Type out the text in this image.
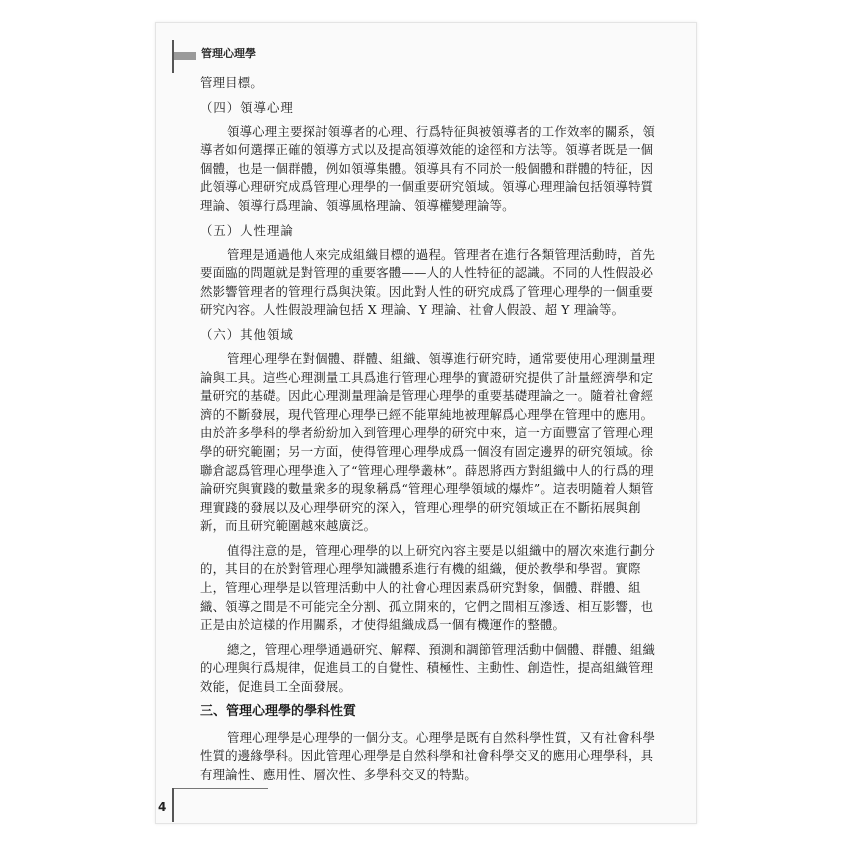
管理心理學

管理目標。

（四）領導心理

領導心理主要探討領導者的心理、行爲特征與被領導者的工作效率的關系，領導者如何選擇正確的領導方式以及提高領導效能的途徑和方法等。領導者既是一個個體，也是一個群體，例如領導集體。領導具有不同於一般個體和群體的特征，因此領導心理研究成爲管理心理學的一個重要研究領域。領導心理理論包括領導特質理論、領導行爲理論、領導風格理論、領導權變理論等。

（五）人性理論

管理是通過他人來完成組織目標的過程。管理者在進行各類管理活動時，首先要面臨的問題就是對管理的重要客體——人的人性特征的認識。不同的人性假設必然影響管理者的管理行爲與決策。因此對人性的研究成爲了管理心理學的一個重要研究內容。人性假設理論包括 X 理論、Y 理論、社會人假設、超 Y 理論等。

（六）其他領域

管理心理學在對個體、群體、組織、領導進行研究時，通常要使用心理測量理論與工具。這些心理測量工具爲進行管理心理學的實證研究提供了計量經濟學和定量研究的基礎。因此心理測量理論是管理心理學的重要基礎理論之一。隨着社會經濟的不斷發展，現代管理心理學已經不能單純地被理解爲心理學在管理中的應用。由於許多學科的學者紛紛加入到管理心理學的研究中來，這一方面豐富了管理心理學的研究範圍；另一方面，使得管理心理學成爲一個沒有固定邊界的研究領域。徐聯倉認爲管理心理學進入了“管理心理學叢林”。薛恩將西方對組織中人的行爲的理論研究與實踐的數量衆多的現象稱爲“管理心理學領域的爆炸”。這表明隨着人類管理實踐的發展以及心理學研究的深入，管理心理學的研究領域正在不斷拓展與創新，而且研究範圍越來越廣泛。

值得注意的是，管理心理學的以上研究內容主要是以組織中的層次來進行劃分的，其目的在於對管理心理學知識體系進行有機的組織，便於教學和學習。實際上，管理心理學是以管理活動中人的社會心理因素爲研究對象，個體、群體、組織、領導之間是不可能完全分割、孤立開來的，它們之間相互滲透、相互影響，也正是由於這樣的作用關系，才使得組織成爲一個有機運作的整體。

總之，管理心理學通過研究、解釋、預測和調節管理活動中個體、群體、組織的心理與行爲規律，促進員工的自覺性、積極性、主動性、創造性，提高組織管理效能，促進員工全面發展。

三、管理心理學的學科性質

管理心理學是心理學的一個分支。心理學是既有自然科學性質，又有社會科學性質的邊緣學科。因此管理心理學是自然科學和社會科學交叉的應用心理學科，具有理論性、應用性、層次性、多學科交叉的特點。

4
